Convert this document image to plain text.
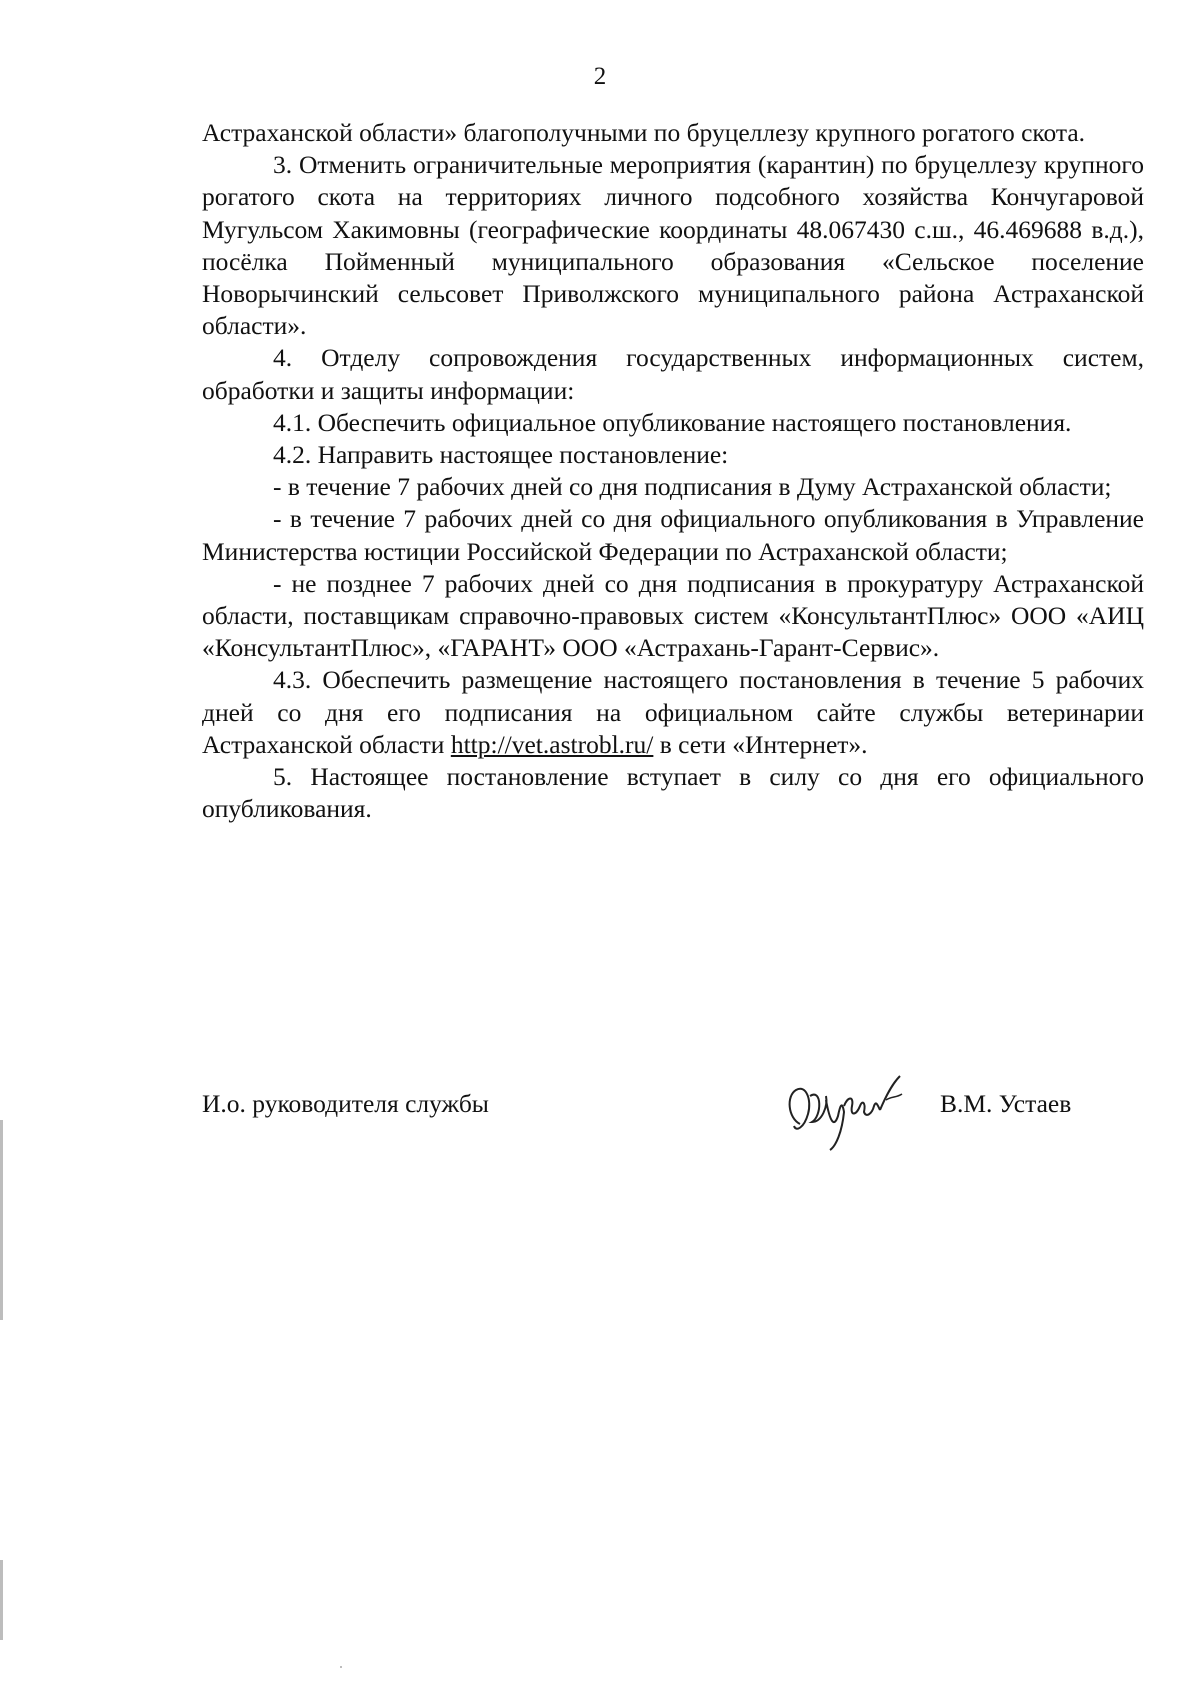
2

Астраханской области» благополучными по бруцеллезу крупного рогатого скота.

3. Отменить ограничительные мероприятия (карантин) по бруцеллезу крупного рогатого скота на территориях личного подсобного хозяйства Кончугаровой Мугульсом Хакимовны (географические координаты 48.067430 с.ш., 46.469688 в.д.), посёлка Пойменный муниципального образования «Сельское поселение Новорычинский сельсовет Приволжского муниципального района Астраханской области».

4. Отделу сопровождения государственных информационных систем, обработки и защиты информации:

4.1. Обеспечить официальное опубликование настоящего постановления.

4.2. Направить настоящее постановление:

- в течение 7 рабочих дней со дня подписания в Думу Астраханской области;

- в течение 7 рабочих дней со дня официального опубликования в Управление Министерства юстиции Российской Федерации по Астраханской области;

- не позднее 7 рабочих дней со дня подписания в прокуратуру Астраханской области, поставщикам справочно-правовых систем «КонсультантПлюс» ООО «АИЦ «КонсультантПлюс», «ГАРАНТ» ООО «Астрахань-Гарант-Сервис».

4.3. Обеспечить размещение настоящего постановления в течение 5 рабочих дней со дня его подписания на официальном сайте службы ветеринарии Астраханской области http://vet.astrobl.ru/ в сети «Интернет».

5. Настоящее постановление вступает в силу со дня его официального опубликования.

И.о. руководителя службы	В.М. Устаев
